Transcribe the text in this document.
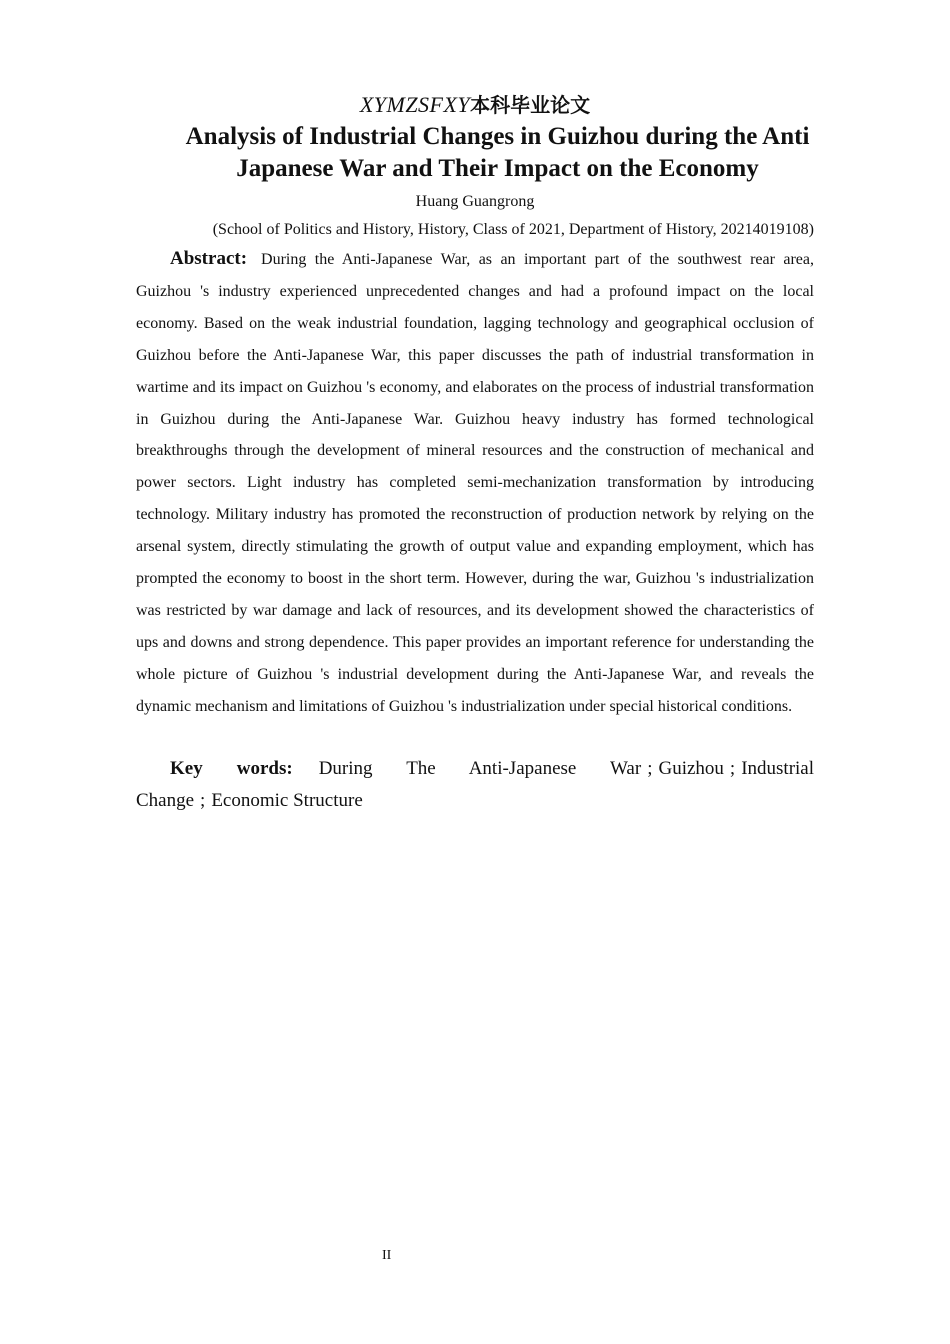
XYMZSFXY本科毕业论文
Analysis of Industrial Changes in Guizhou during the Anti Japanese War and Their Impact on the Economy
Huang Guangrong
(School of Politics and History, History, Class of 2021, Department of History, 20214019108)

Abstract: During the Anti-Japanese War, as an important part of the southwest rear area, Guizhou 's industry experienced unprecedented changes and had a profound impact on the local economy. Based on the weak industrial foundation, lagging technology and geographical occlusion of Guizhou before the Anti-Japanese War, this paper discusses the path of industrial transformation in wartime and its impact on Guizhou 's economy, and elaborates on the process of industrial transformation in Guizhou during the Anti-Japanese War. Guizhou heavy industry has formed technological breakthroughs through the development of mineral resources and the construction of mechanical and power sectors. Light industry has completed semi-mechanization transformation by introducing technology. Military industry has promoted the reconstruction of production network by relying on the arsenal system, directly stimulating the growth of output value and expanding employment, which has prompted the economy to boost in the short term. However, during the war, Guizhou 's industrialization was restricted by war damage and lack of resources, and its development showed the characteristics of ups and downs and strong dependence. This paper provides an important reference for understanding the whole picture of Guizhou 's industrial development during the Anti-Japanese War, and reveals the dynamic mechanism and limitations of Guizhou 's industrialization under special historical conditions.

Key words: During The Anti-Japanese War ; Guizhou ; Industrial Change ; Economic Structure

II
